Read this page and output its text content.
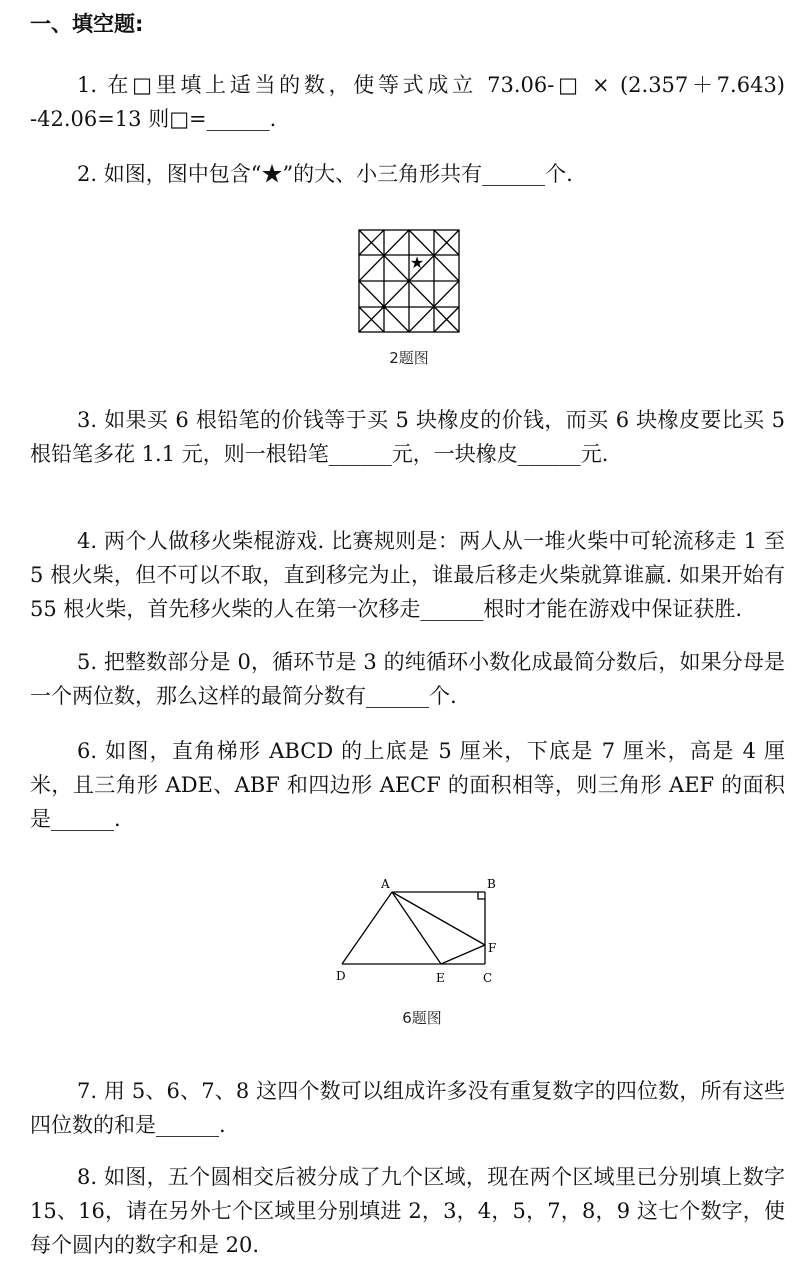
一、填空题:

1. 在□里填上适当的数，使等式成立 73.06-□ × (2.357＋7.643) -42.06=13 则□=______.

2. 如图，图中包含“★”的大、小三角形共有______个.

★
2题图

3. 如果买 6 根铅笔的价钱等于买 5 块橡皮的价钱，而买 6 块橡皮要比买 5 根铅笔多花 1.1 元，则一根铅笔______元，一块橡皮______元.

4. 两个人做移火柴棍游戏. 比赛规则是：两人从一堆火柴中可轮流移走 1 至 5 根火柴，但不可以不取，直到移完为止，谁最后移走火柴就算谁赢. 如果开始有 55 根火柴，首先移火柴的人在第一次移走______根时才能在游戏中保证获胜.

5. 把整数部分是 0，循环节是 3 的纯循环小数化成最简分数后，如果分母是一个两位数，那么这样的最简分数有______个.

6. 如图，直角梯形 ABCD 的上底是 5 厘米，下底是 7 厘米，高是 4 厘米，且三角形 ADE、ABF 和四边形 AECF 的面积相等，则三角形 AEF 的面积是______.

A	B
C
D	E
F
6题图

7. 用 5、6、7、8 这四个数可以组成许多没有重复数字的四位数，所有这些四位数的和是______.

8. 如图，五个圆相交后被分成了九个区域，现在两个区域里已分别填上数字 15、16，请在另外七个区域里分别填进 2，3，4，5，7，8，9 这七个数字，使每个圆内的数字和是 20.
